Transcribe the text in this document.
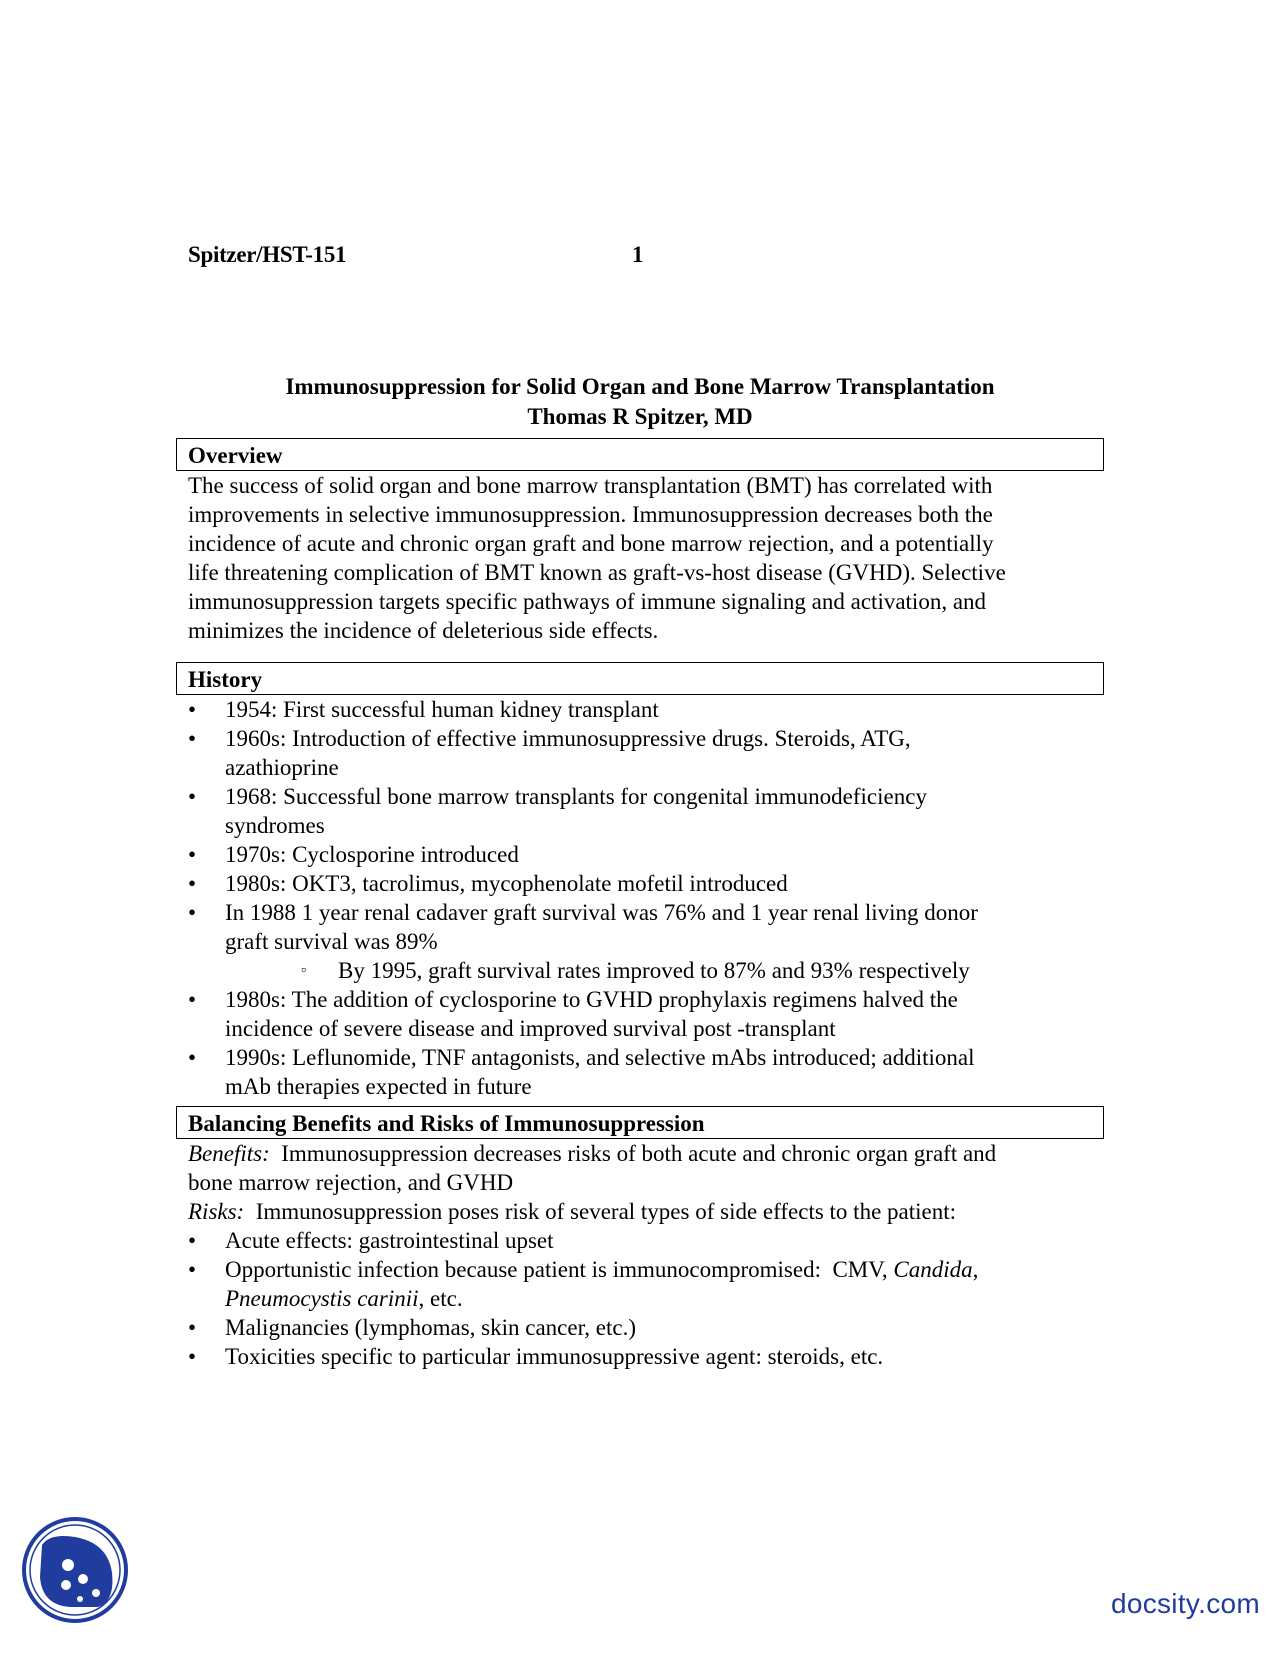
Spitzer/HST-151	1
Immunosuppression for Solid Organ and Bone Marrow Transplantation
Thomas R Spitzer, MD
Overview
The success of solid organ and bone marrow transplantation (BMT) has correlated with
improvements in selective immunosuppression. Immunosuppression decreases both the
incidence of acute and chronic organ graft and bone marrow rejection, and a potentially
life threatening complication of BMT known as graft-vs-host disease (GVHD). Selective
immunosuppression targets specific pathways of immune signaling and activation, and
minimizes the incidence of deleterious side effects.
History
• 1954: First successful human kidney transplant
• 1960s: Introduction of effective immunosuppressive drugs. Steroids, ATG,
azathioprine
• 1968: Successful bone marrow transplants for congenital immunodeficiency
syndromes
• 1970s: Cyclosporine introduced
• 1980s: OKT3, tacrolimus, mycophenolate mofetil introduced
• In 1988 1 year renal cadaver graft survival was 76% and 1 year renal living donor
graft survival was 89%
▫ By 1995, graft survival rates improved to 87% and 93% respectively
• 1980s: The addition of cyclosporine to GVHD prophylaxis regimens halved the
incidence of severe disease and improved survival post -transplant
• 1990s: Leflunomide, TNF antagonists, and selective mAbs introduced; additional
mAb therapies expected in future
Balancing Benefits and Risks of Immunosuppression
Benefits:  Immunosuppression decreases risks of both acute and chronic organ graft and
bone marrow rejection, and GVHD
Risks:  Immunosuppression poses risk of several types of side effects to the patient:
• Acute effects: gastrointestinal upset
• Opportunistic infection because patient is immunocompromised:  CMV, Candida,
Pneumocystis carinii, etc.
• Malignancies (lymphomas, skin cancer, etc.)
• Toxicities specific to particular immunosuppressive agent: steroids, etc.
docsity.com
